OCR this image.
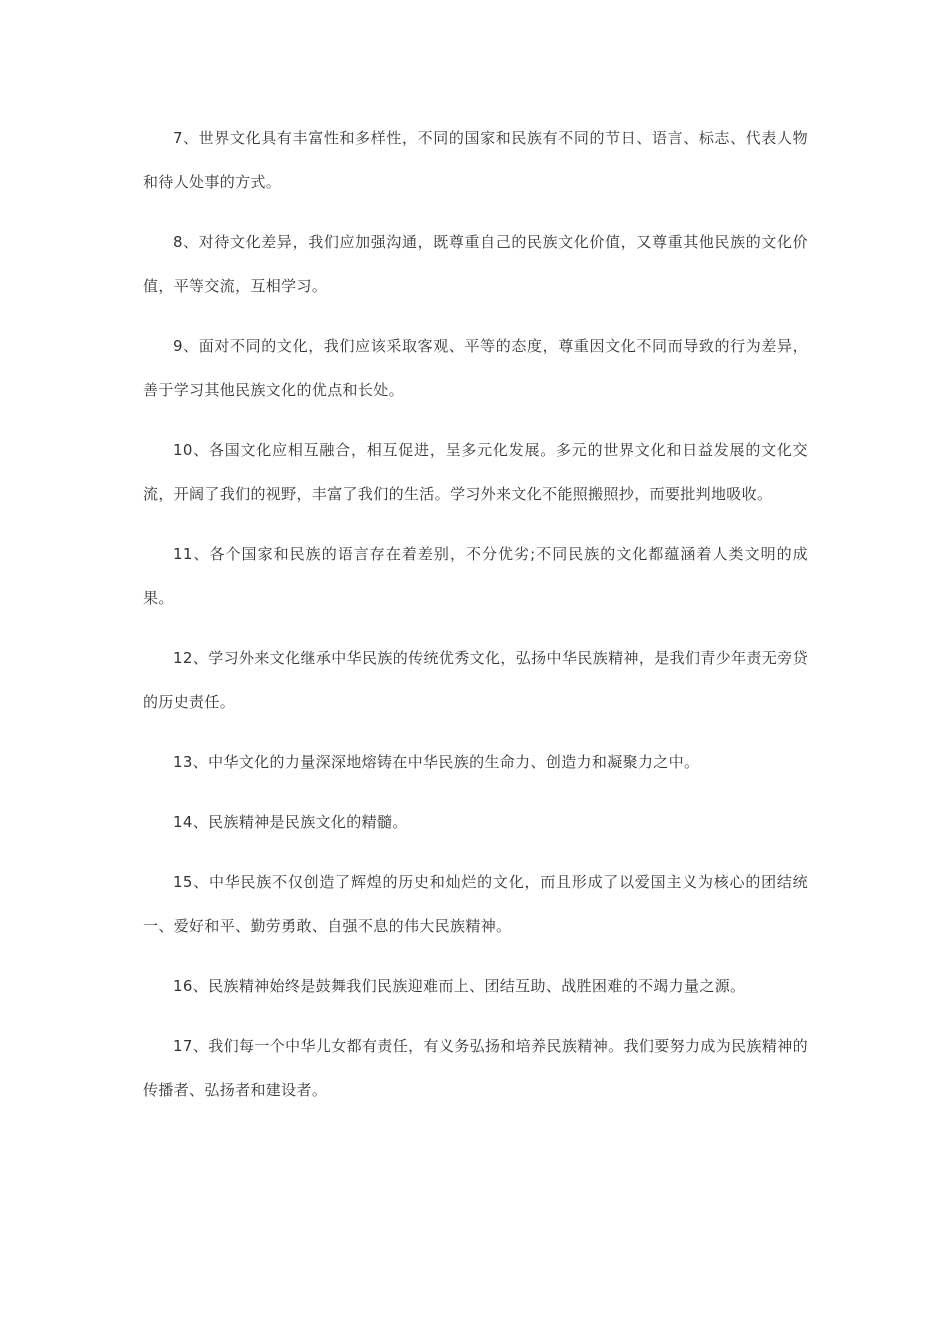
7、世界文化具有丰富性和多样性，不同的国家和民族有不同的节日、语言、标志、代表人物和待人处事的方式。

8、对待文化差异，我们应加强沟通，既尊重自己的民族文化价值，又尊重其他民族的文化价值，平等交流，互相学习。

9、面对不同的文化，我们应该采取客观、平等的态度，尊重因文化不同而导致的行为差异，善于学习其他民族文化的优点和长处。

10、各国文化应相互融合，相互促进，呈多元化发展。多元的世界文化和日益发展的文化交流，开阔了我们的视野，丰富了我们的生活。学习外来文化不能照搬照抄，而要批判地吸收。

11、各个国家和民族的语言存在着差别，不分优劣;不同民族的文化都蕴涵着人类文明的成果。

12、学习外来文化继承中华民族的传统优秀文化，弘扬中华民族精神，是我们青少年责无旁贷的历史责任。

13、中华文化的力量深深地熔铸在中华民族的生命力、创造力和凝聚力之中。

14、民族精神是民族文化的精髓。

15、中华民族不仅创造了辉煌的历史和灿烂的文化，而且形成了以爱国主义为核心的团结统一、爱好和平、勤劳勇敢、自强不息的伟大民族精神。

16、民族精神始终是鼓舞我们民族迎难而上、团结互助、战胜困难的不竭力量之源。

17、我们每一个中华儿女都有责任，有义务弘扬和培养民族精神。我们要努力成为民族精神的传播者、弘扬者和建设者。
